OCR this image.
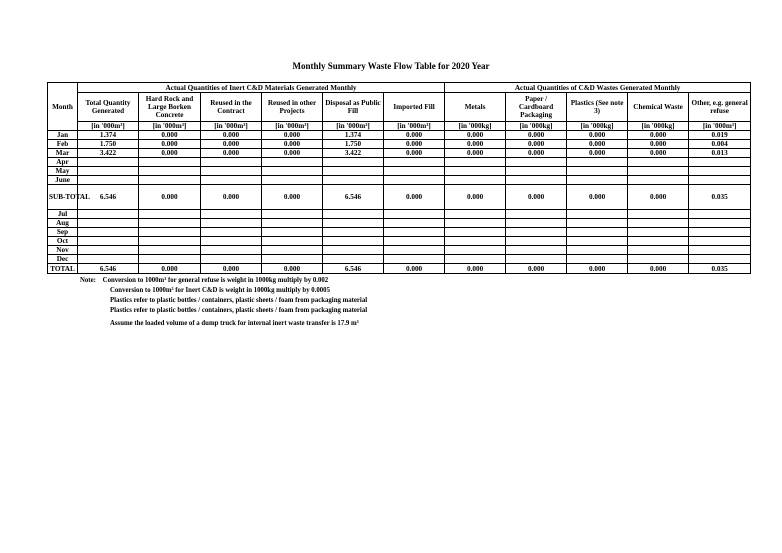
Monthly Summary Waste Flow Table for 2020 Year
Month	Actual Quantities of Inert C&D Materials Generated Monthly						Actual Quantities of C&D Wastes Generated Monthly				
	Total Quantity Generated	Hard Rock and Large Borken Concrete	Reused in the Contract	Reused in other Projects	Disposal as Public Fill	Imported Fill	Metals	Paper / Cardboard Packaging	Plastics (See note 3)	Chemical Waste	Other, e.g. general refuse
	[in '000m³]	[in '000m³]	[in '000m³]	[in '000m³]	[in '000m³]	[in '000m³]	[in '000kg]	[in '000kg]	[in '000kg]	[in '000kg]	[in '000m³]
Jan	1.374	0.000	0.000	0.000	1.374	0.000	0.000	0.000	0.000	0.000	0.019
Feb	1.750	0.000	0.000	0.000	1.750	0.000	0.000	0.000	0.000	0.000	0.004
Mar	3.422	0.000	0.000	0.000	3.422	0.000	0.000	0.000	0.000	0.000	0.013
Apr											
May											
June											
SUB-TOTAL	6.546	0.000	0.000	0.000	6.546	0.000	0.000	0.000	0.000	0.000	0.035
Jul											
Aug											
Sep											
Oct											
Nov											
Dec											
TOTAL	6.546	0.000	0.000	0.000	6.546	0.000	0.000	0.000	0.000	0.000	0.035
Note: Conversion to 1000m³ for general refuse is weight in 1000kg multiply by 0.002
Conversion to 1000m³ for Inert C&D is weight in 1000kg multiply by 0.0005
Plastics refer to plastic bottles / containers, plastic sheets / foam from packaging material
Plastics refer to plastic bottles / containers, plastic sheets / foam from packaging material
Assume the loaded volume of a dump truck for internal inert waste transfer is 17.9 m³
